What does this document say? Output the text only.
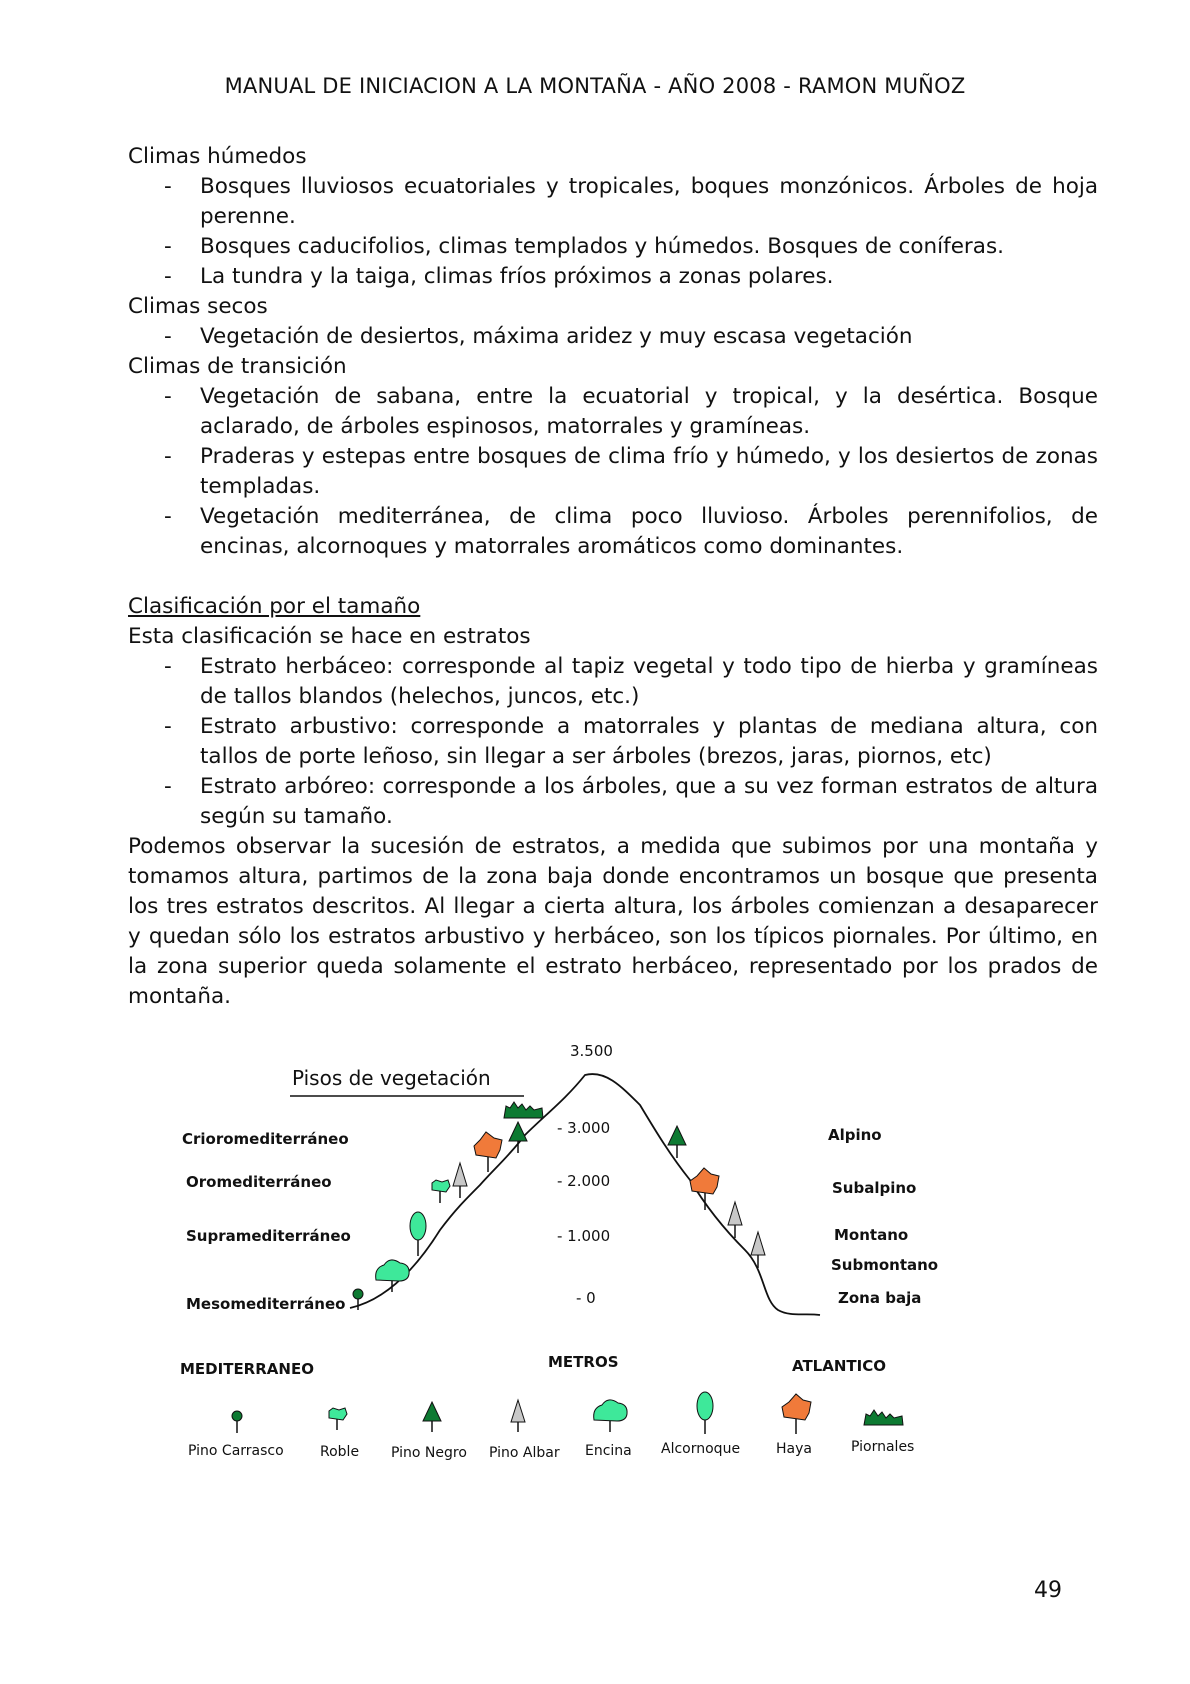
MANUAL DE INICIACION A LA MONTAÑA - AÑO 2008 - RAMON MUÑOZ

Climas húmedos

- Bosques lluviosos ecuatoriales y tropicales, boques monzónicos. Árboles de hoja perenne.
- Bosques caducifolios, climas templados y húmedos. Bosques de coníferas.
- La tundra y la taiga, climas fríos próximos a zonas polares.

Climas secos

- Vegetación de desiertos, máxima aridez y muy escasa vegetación

Climas de transición

- Vegetación de sabana, entre la ecuatorial y tropical, y la desértica. Bosque aclarado, de árboles espinosos, matorrales y gramíneas.
- Praderas y estepas entre bosques de clima frío y húmedo, y los desiertos de zonas templadas.
- Vegetación mediterránea, de clima poco lluvioso. Árboles perennifolios, de encinas, alcornoques y matorrales aromáticos como dominantes.

Clasificación por el tamaño

Esta clasificación se hace en estratos

- Estrato herbáceo: corresponde al tapiz vegetal y todo tipo de hierba y gramíneas de tallos blandos (helechos, juncos, etc.)
- Estrato arbustivo: corresponde a matorrales y plantas de mediana altura, con tallos de porte leñoso, sin llegar a ser árboles (brezos, jaras, piornos, etc)
- Estrato arbóreo: corresponde a los árboles, que a su vez forman estratos de altura según su tamaño.

Podemos observar la sucesión de estratos, a medida que subimos por una montaña y tomamos altura, partimos de la zona baja donde encontramos un bosque que presenta los tres estratos descritos. Al llegar a cierta altura, los árboles comienzan a desaparecer y quedan sólo los estratos arbustivo y herbáceo, son los típicos piornales. Por último, en la zona superior queda solamente el estrato herbáceo, representado por los prados de montaña.

Pisos de vegetación
3.500
- 3.000
- 2.000
- 1.000
- 0
Crioromediterráneo
Oromediterráneo
Supramediterráneo
Mesomediterráneo
Alpino
Subalpino
Montano
Submontano
Zona baja
MEDITERRANEO	METROS	ATLANTICO
Pino Carrasco	Roble Pino Negro Pino Albar Encina Alcornoque	Haya	Piornales
49
